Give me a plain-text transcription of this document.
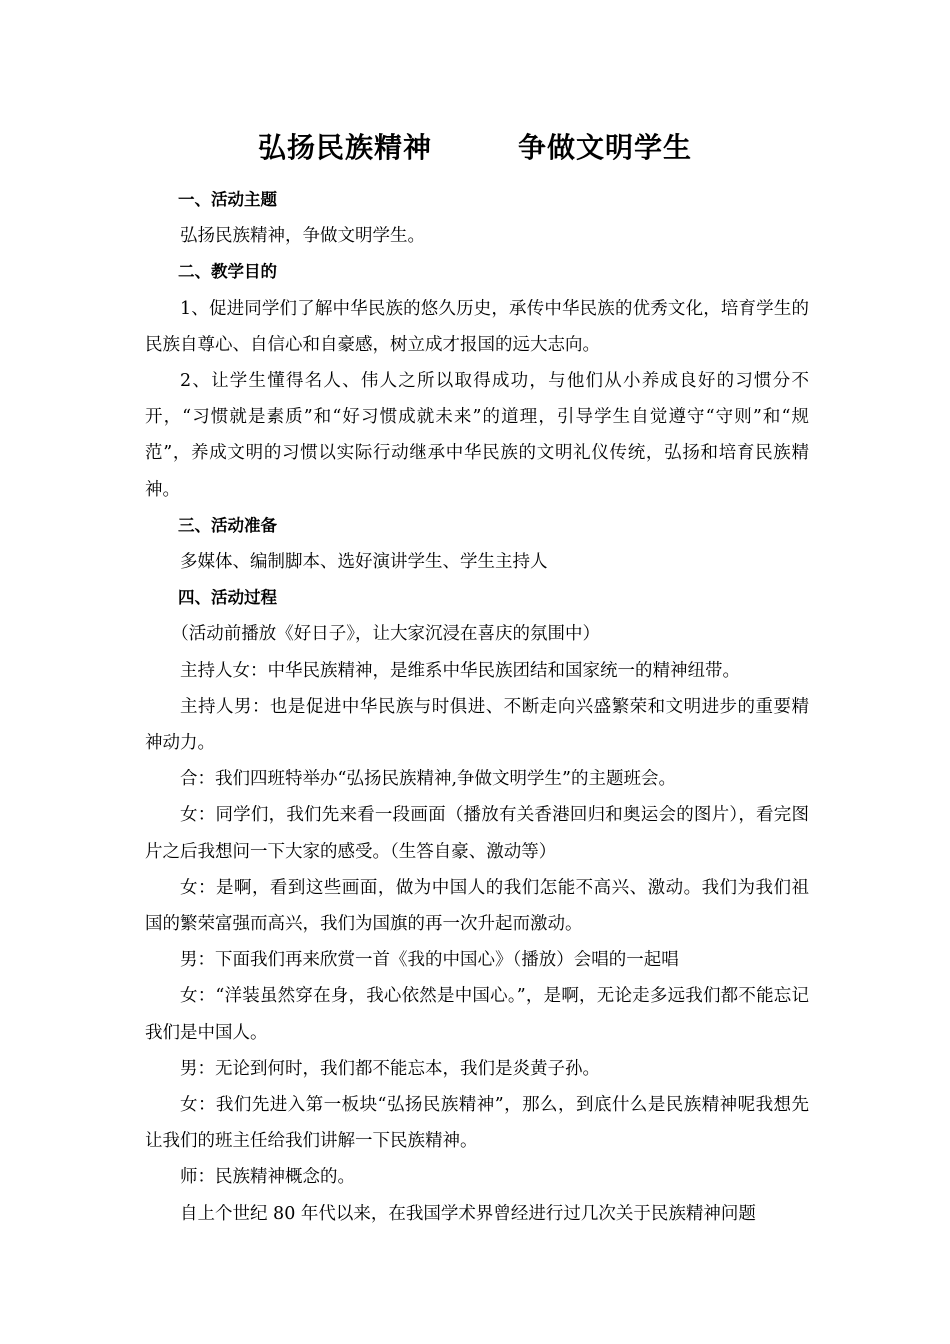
弘扬民族精神        争做文明学生

一、活动主题

弘扬民族精神，争做文明学生。

二、教学目的

1、促进同学们了解中华民族的悠久历史，承传中华民族的优秀文化，培育学生的民族自尊心、自信心和自豪感，树立成才报国的远大志向。

2、让学生懂得名人、伟人之所以取得成功，与他们从小养成良好的习惯分不开，“习惯就是素质”和“好习惯成就未来”的道理，引导学生自觉遵守“守则”和“规范”，养成文明的习惯以实际行动继承中华民族的文明礼仪传统，弘扬和培育民族精神。

三、活动准备

多媒体、编制脚本、选好演讲学生、学生主持人

四、活动过程

（活动前播放《好日子》，让大家沉浸在喜庆的氛围中）

主持人女：中华民族精神，是维系中华民族团结和国家统一的精神纽带。

主持人男：也是促进中华民族与时俱进、不断走向兴盛繁荣和文明进步的重要精神动力。

合：我们四班特举办“弘扬民族精神,争做文明学生”的主题班会。

女：同学们，我们先来看一段画面（播放有关香港回归和奥运会的图片），看完图片之后我想问一下大家的感受。（生答自豪、激动等）

女：是啊，看到这些画面，做为中国人的我们怎能不高兴、激动。我们为我们祖国的繁荣富强而高兴，我们为国旗的再一次升起而激动。

男：下面我们再来欣赏一首《我的中国心》（播放）会唱的一起唱

女：“洋装虽然穿在身，我心依然是中国心。”，是啊，无论走多远我们都不能忘记我们是中国人。

男：无论到何时，我们都不能忘本，我们是炎黄子孙。

女：我们先进入第一板块“弘扬民族精神”，那么，到底什么是民族精神呢我想先让我们的班主任给我们讲解一下民族精神。

师：民族精神概念的。

自上个世纪 80 年代以来，在我国学术界曾经进行过几次关于民族精神问题
